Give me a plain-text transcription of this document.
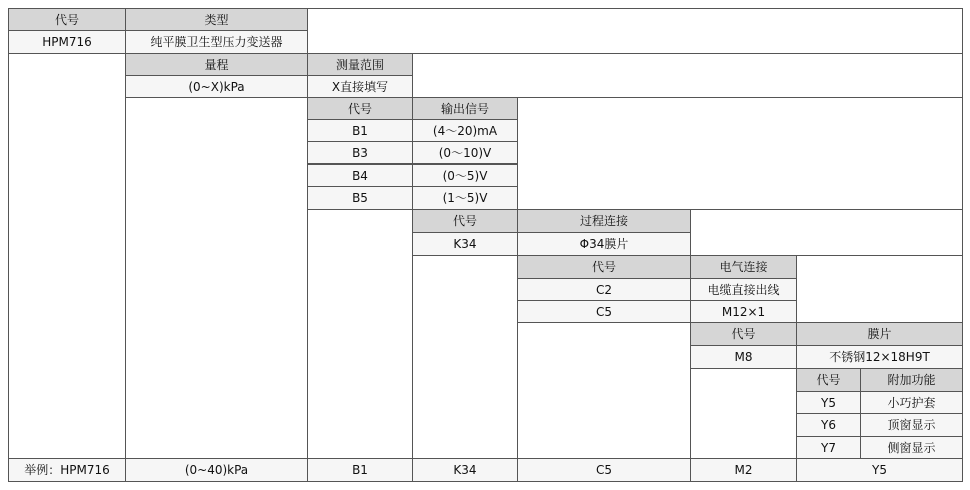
代号	类型
HPM716	纯平膜卫生型压力变送器
量程	测量范围
(0~X)kPa	X直接填写
代号	输出信号
B1	(4～20)mA
B3	(0～10)V
B4	(0～5)V
B5	(1～5)V
代号	过程连接
K34	Φ34膜片
代号	电气连接
C2	电缆直接出线
C5	M12×1
代号	膜片
M8	不锈钢12×18H9T
代号	附加功能
Y5	小巧护套
Y6	顶窗显示
Y7	侧窗显示
举例：HPM716	(0~40)kPa	B1	K34	C5	M2	Y5
